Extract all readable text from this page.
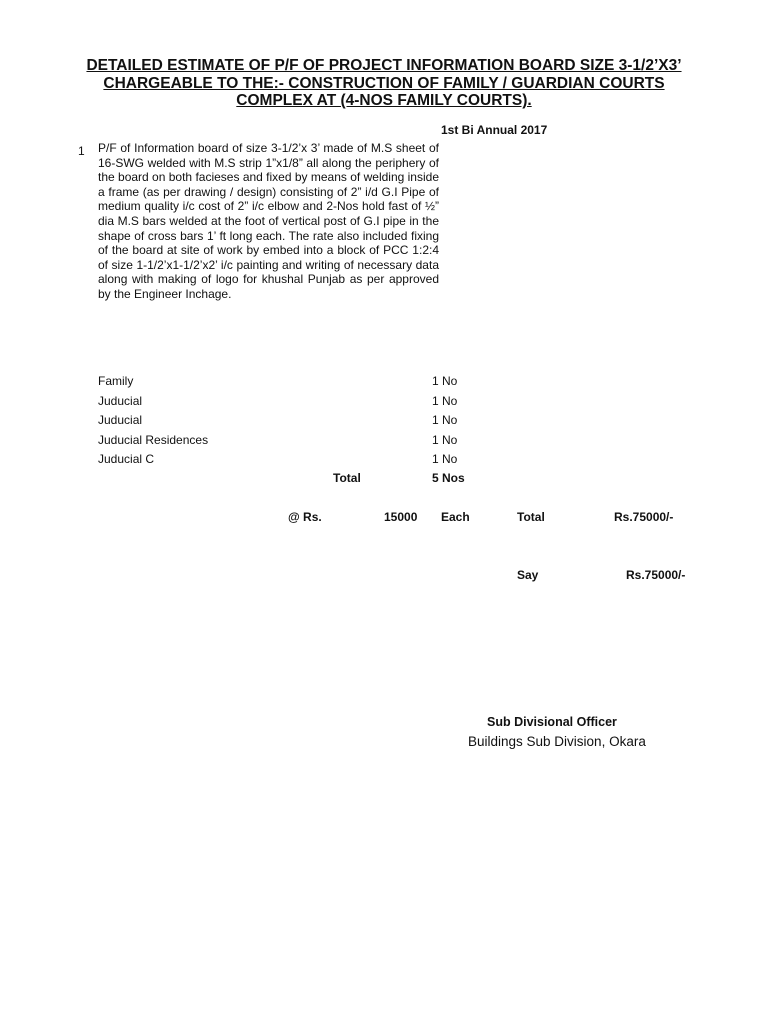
DETAILED ESTIMATE OF P/F OF PROJECT INFORMATION BOARD SIZE 3-1/2’X3’ CHARGEABLE TO THE:- CONSTRUCTION OF FAMILY / GUARDIAN COURTS COMPLEX AT (4-NOS FAMILY COURTS).
1st Bi Annual 2017
1 P/F of Information board of size 3-1/2’x 3’ made of M.S sheet of 16-SWG welded with M.S strip 1”x1/8” all along the periphery of the board on both facieses and fixed by means of welding inside a frame (as per drawing / design) consisting of 2” i/d G.I Pipe of medium quality i/c cost of 2” i/c elbow and 2-Nos hold fast of ½” dia M.S bars welded at the foot of vertical post of G.I pipe in the shape of cross bars 1’ ft long each. The rate also included fixing of the board at site of work by embed into a block of PCC 1:2:4 of size 1-1/2’x1-1/2’x2’ i/c painting and writing of necessary data along with making of logo for khushal Punjab as per approved by the Engineer Inchage.
Family	1 No
Juducial	1 No
Juducial	1 No
Juducial Residences	1 No
Juducial C	1 No
Total	5 Nos
@ Rs.	15000 Each	Total	Rs.75000/-
Say	Rs.75000/-
Sub Divisional Officer
Buildings Sub Division, Okara
